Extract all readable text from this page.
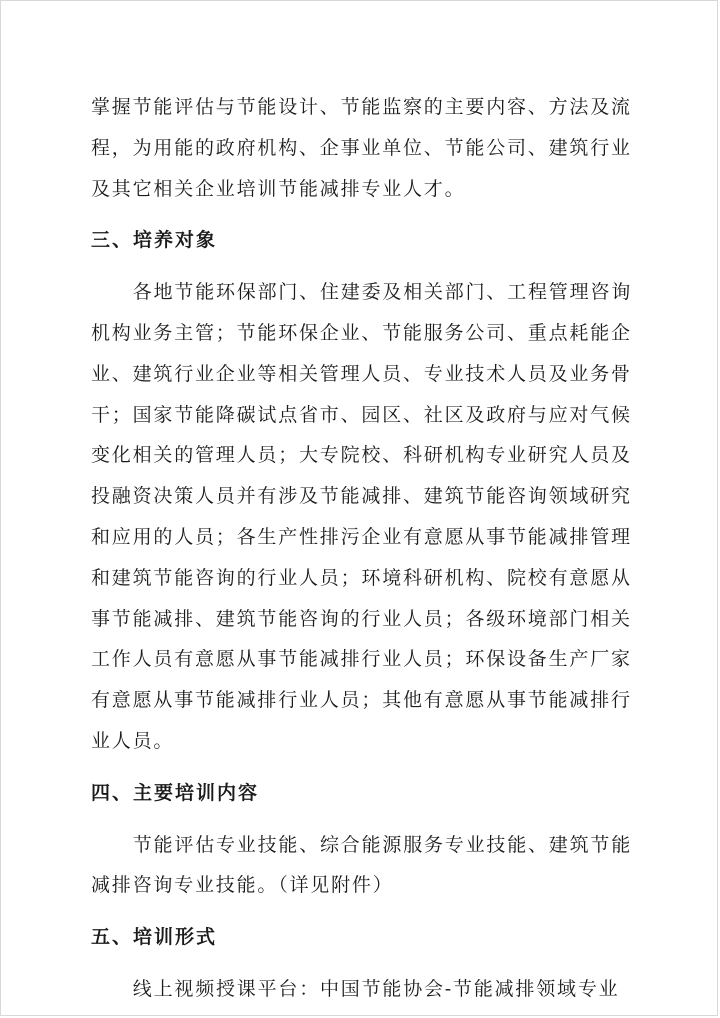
掌握节能评估与节能设计、节能监察的主要内容、方法及流
程，为用能的政府机构、企事业单位、节能公司、建筑行业
及其它相关企业培训节能减排专业人才。

三、培养对象

各地节能环保部门、住建委及相关部门、工程管理咨询
机构业务主管；节能环保企业、节能服务公司、重点耗能企
业、建筑行业企业等相关管理人员、专业技术人员及业务骨
干；国家节能降碳试点省市、园区、社区及政府与应对气候
变化相关的管理人员；大专院校、科研机构专业研究人员及
投融资决策人员并有涉及节能减排、建筑节能咨询领域研究
和应用的人员；各生产性排污企业有意愿从事节能减排管理
和建筑节能咨询的行业人员；环境科研机构、院校有意愿从
事节能减排、建筑节能咨询的行业人员；各级环境部门相关
工作人员有意愿从事节能减排行业人员；环保设备生产厂家
有意愿从事节能减排行业人员；其他有意愿从事节能减排行
业人员。

四、主要培训内容

节能评估专业技能、综合能源服务专业技能、建筑节能
减排咨询专业技能。（详见附件）

五、培训形式

线上视频授课平台：中国节能协会-节能减排领域专业
